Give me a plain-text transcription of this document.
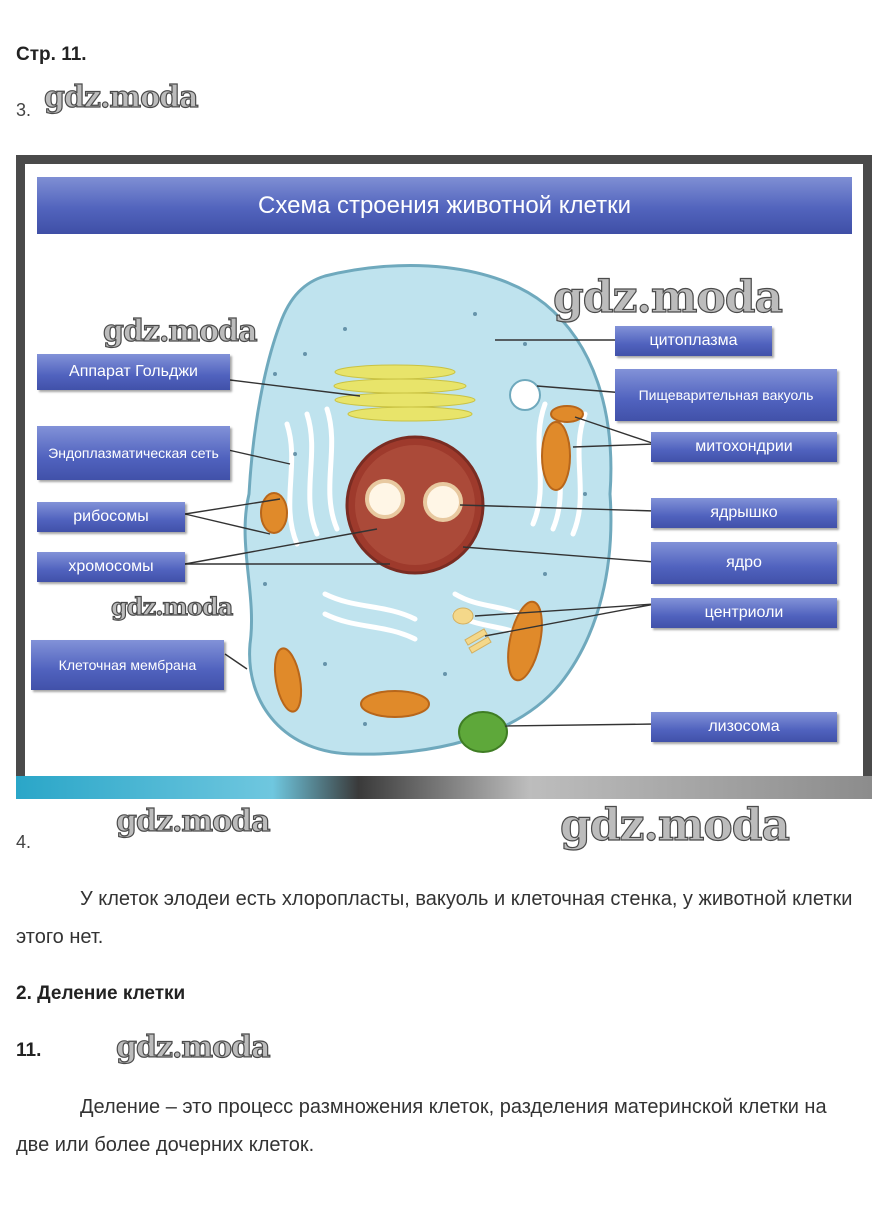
Стр. 11.
3. gdz.moda
Схема строения животной клетки
Аппарат Гольджи
Эндоплазматическая сеть
рибосомы
хромосомы
Клеточная мембрана
цитоплазма
Пищеварительная вакуоль
митохондрии
ядрышко
ядро
центриоли
лизосома
gdz.moda
gdz.moda
gdz.moda
4.
gdz.moda	gdz.moda
У клеток элодеи есть хлоропласты, вакуоль и клеточная стенка, у животной клетки этого нет.
2. Деление клетки
11. gdz.moda
Деление – это процесс размножения клеток, разделения материнской клетки на две или более дочерних клеток.
